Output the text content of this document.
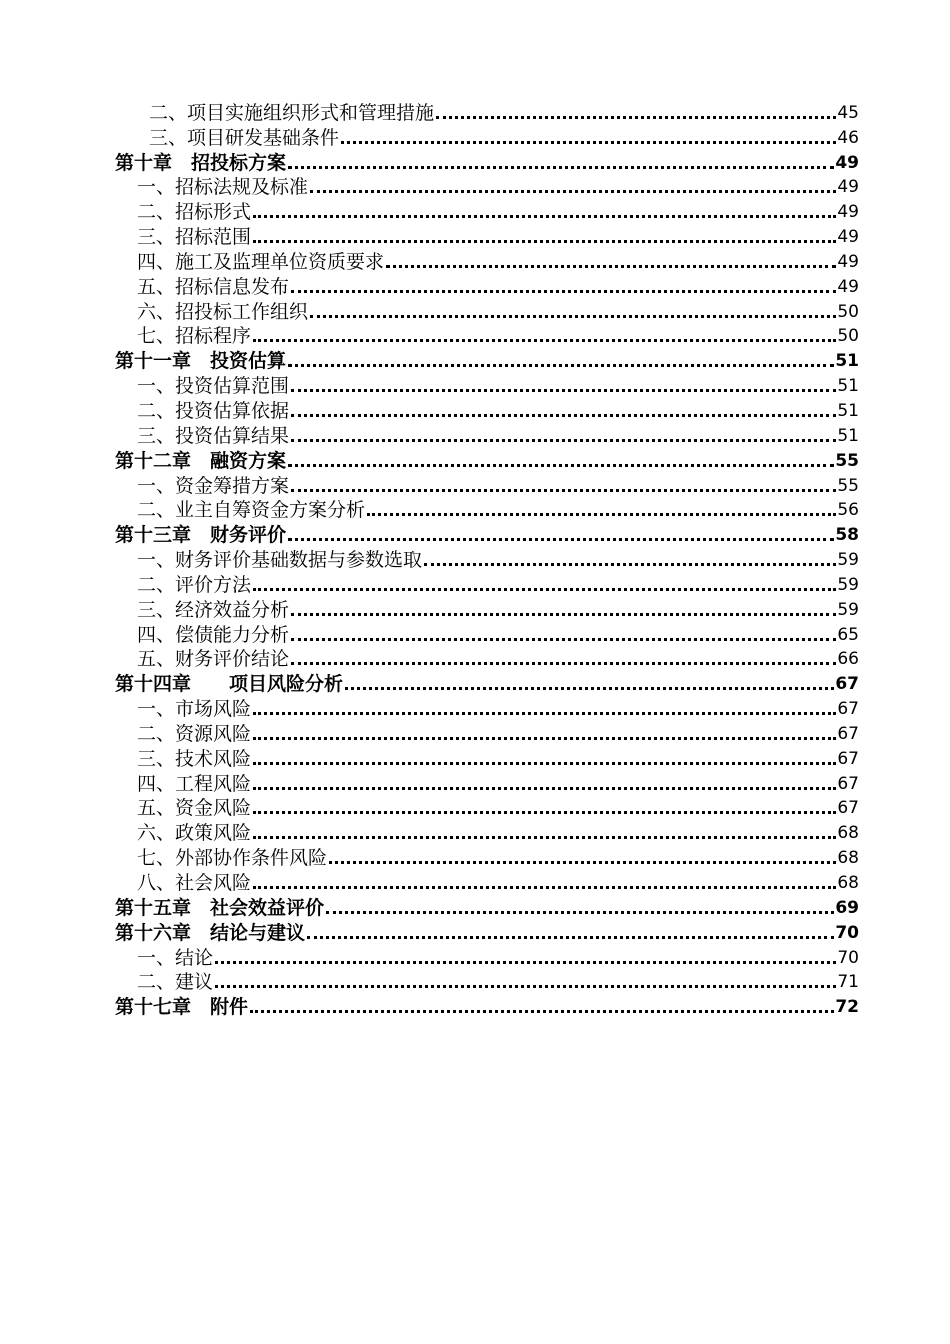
二、项目实施组织形式和管理措施	45
三、项目研发基础条件	46
第十章　招投标方案	49
一、招标法规及标准	49
二、招标形式	49
三、招标范围	49
四、施工及监理单位资质要求	49
五、招标信息发布	49
六、招投标工作组织	50
七、招标程序	50
第十一章　投资估算	51
一、投资估算范围	51
二、投资估算依据	51
三、投资估算结果	51
第十二章　融资方案	55
一、资金筹措方案	55
二、业主自筹资金方案分析	56
第十三章　财务评价	58
一、财务评价基础数据与参数选取	59
二、评价方法	59
三、经济效益分析	59
四、偿债能力分析	65
五、财务评价结论	66
第十四章　　项目风险分析	67
一、市场风险	67
二、资源风险	67
三、技术风险	67
四、工程风险	67
五、资金风险	67
六、政策风险	68
七、外部协作条件风险	68
八、社会风险	68
第十五章　社会效益评价	69
第十六章　结论与建议	70
一、结论	70
二、建议	71
第十七章　附件	72
